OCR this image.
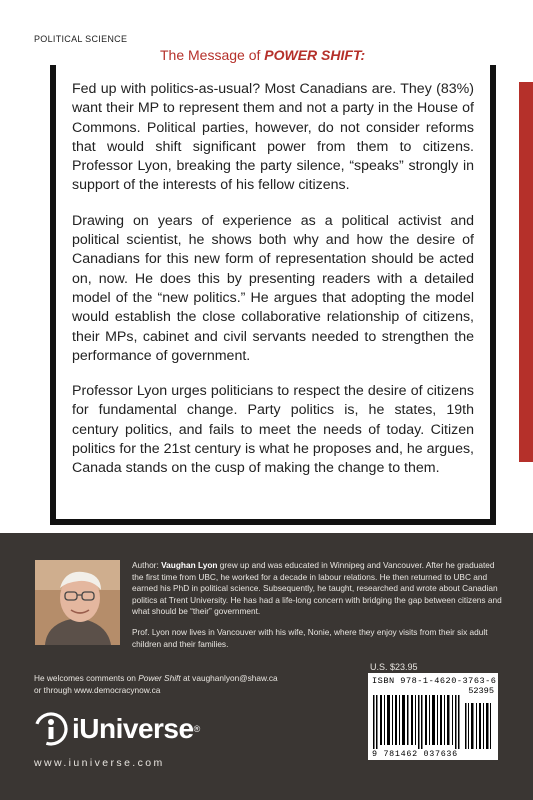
POLITICAL SCIENCE
The Message of POWER SHIFT:

Fed up with politics-as-usual? Most Canadians are. They (83%) want their MP to represent them and not a party in the House of Commons. Political parties, however, do not consider reforms that would shift significant power from them to citizens. Professor Lyon, breaking the party silence, “speaks” strongly in support of the interests of his fellow citizens.

Drawing on years of experience as a political activist and political scientist, he shows both why and how the desire of Canadians for this new form of representation should be acted on, now. He does this by presenting readers with a detailed model of the “new politics.” He argues that adopting the model would establish the close collaborative relationship of citizens, their MPs, cabinet and civil servants needed to strengthen the performance of government.

Professor Lyon urges politicians to respect the desire of citizens for fundamental change. Party politics is, he states, 19th century politics, and fails to meet the needs of today. Citizen politics for the 21st century is what he proposes and, he argues, Canada stands on the cusp of making the change to them.

Author: Vaughan Lyon grew up and was educated in Winnipeg and Vancouver. After he graduated the first time from UBC, he worked for a decade in labour relations. He then returned to UBC and earned his PhD in political science. Subsequently, he taught, researched and wrote about Canadian politics at Trent University. He has had a life-long concern with bridging the gap between citizens and what should be “their” government.

Prof. Lyon now lives in Vancouver with his wife, Nonie, where they enjoy visits from their six adult children and their families.

He welcomes comments on Power Shift at vaughanlyon@shaw.ca
or through www.democracynow.ca
iUniverse ®
www.iuniverse.com
U.S. $23.95
ISBN 978-1-4620-3763-6
52395
9 781462 037636
